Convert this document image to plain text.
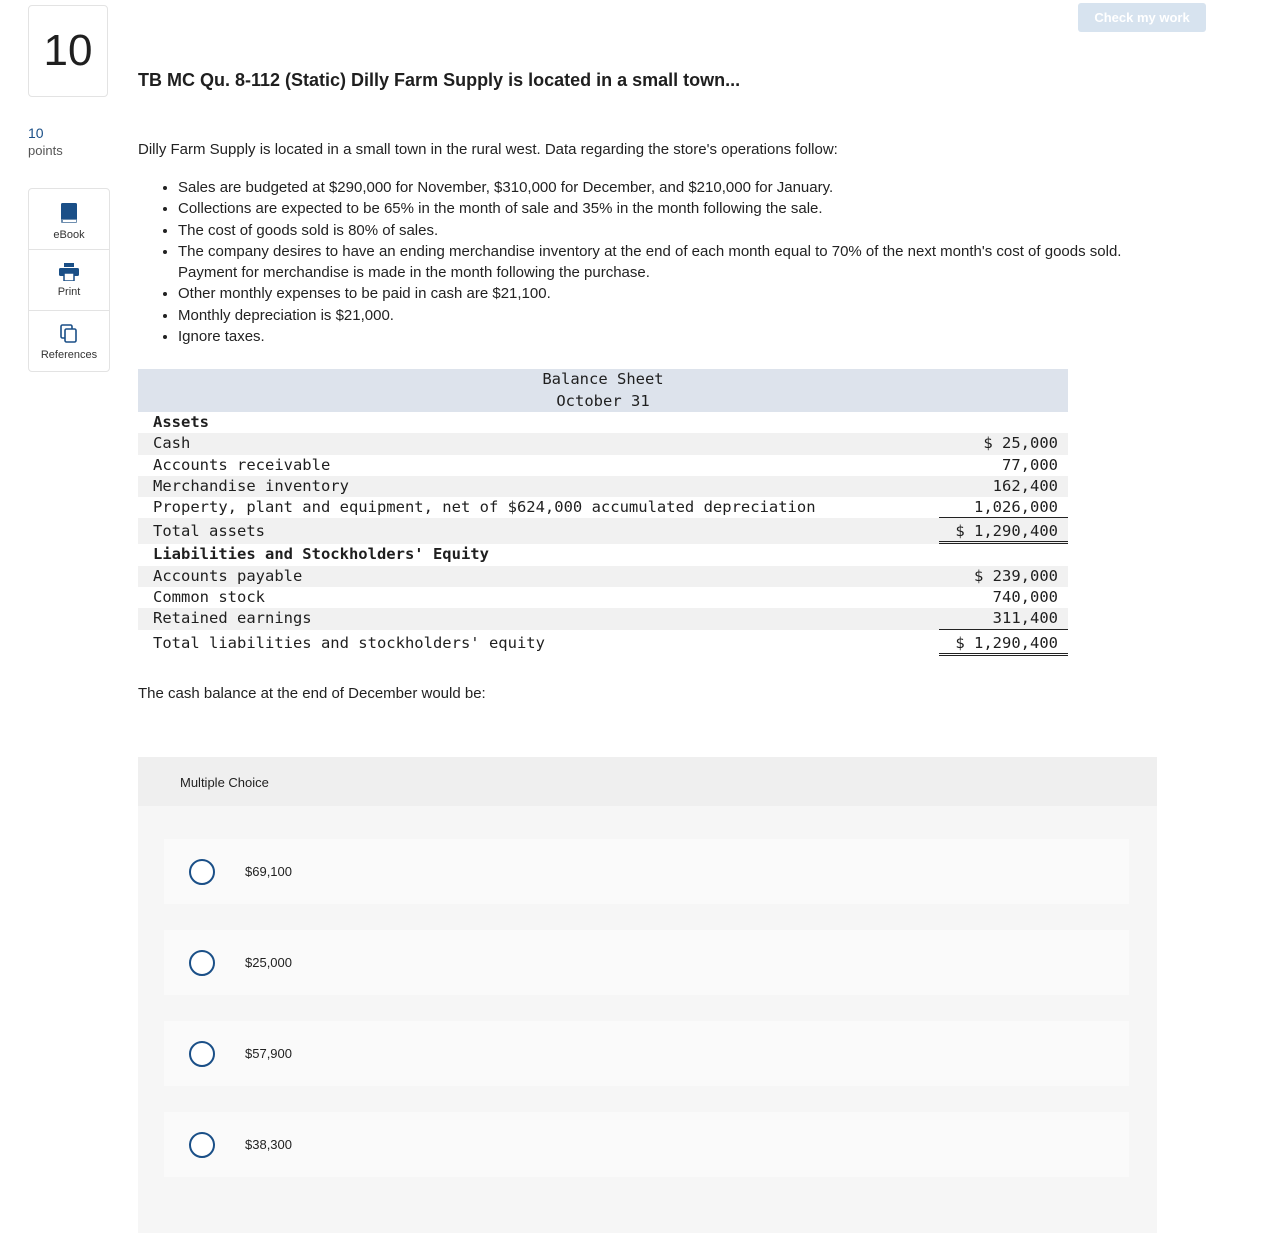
10
Check my work
TB MC Qu. 8-112 (Static) Dilly Farm Supply is located in a small town...
10
points
eBook
Print
References

Dilly Farm Supply is located in a small town in the rural west. Data regarding the store's operations follow:

• Sales are budgeted at $290,000 for November, $310,000 for December, and $210,000 for January.
• Collections are expected to be 65% in the month of sale and 35% in the month following the sale.
• The cost of goods sold is 80% of sales.
• The company desires to have an ending merchandise inventory at the end of each month equal to 70% of the next month's cost of goods sold. Payment for merchandise is made in the month following the purchase.
• Other monthly expenses to be paid in cash are $21,100.
• Monthly depreciation is $21,000.
• Ignore taxes.
Balance Sheet
October 31
Assets
Cash	$ 25,000
Accounts receivable	77,000
Merchandise inventory	162,400
Property, plant and equipment, net of $624,000 accumulated depreciation	1,026,000
Total assets	$ 1,290,400
Liabilities and Stockholders' Equity
Accounts payable	$ 239,000
Common stock	740,000
Retained earnings	311,400
Total liabilities and stockholders' equity	$ 1,290,400

The cash balance at the end of December would be:

Multiple Choice
$69,100
$25,000
$57,900
$38,300
